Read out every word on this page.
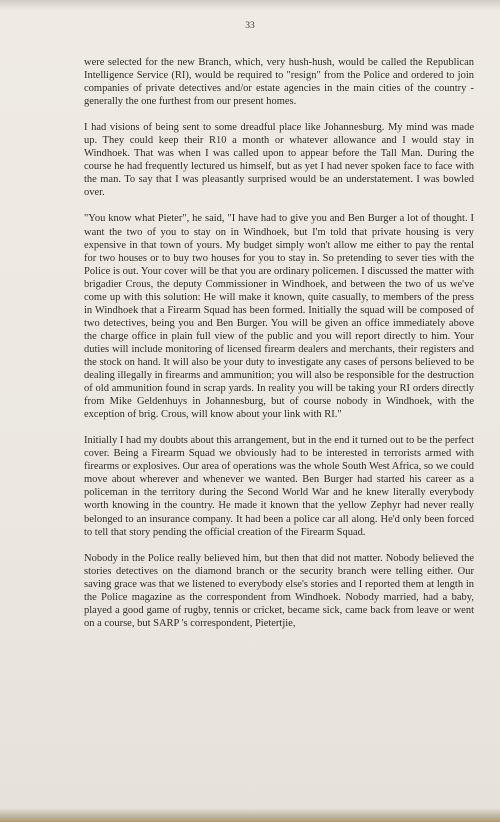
33

were selected for the new Branch, which, very hush-hush, would be called the Republican Intelligence Service (RI), would be required to "resign" from the Police and ordered to join companies of private detectives and/or estate agencies in the main cities of the country - generally the one furthest from our present homes.

I had visions of being sent to some dreadful place like Johannesburg. My mind was made up. They could keep their R10 a month or whatever allowance and I would stay in Windhoek. That was when I was called upon to appear before the Tall Man. During the course he had frequently lectured us himself, but as yet I had never spoken face to face with the man. To say that I was pleasantly surprised would be an understatement. I was bowled over.

"You know what Pieter", he said, "I have had to give you and Ben Burger a lot of thought. I want the two of you to stay on in Windhoek, but I'm told that private housing is very expensive in that town of yours. My budget simply won't allow me either to pay the rental for two houses or to buy two houses for you to stay in. So pretending to sever ties with the Police is out. Your cover will be that you are ordinary policemen. I discussed the matter with brigadier Crous, the deputy Commissioner in Windhoek, and between the two of us we've come up with this solution: He will make it known, quite casually, to members of the press in Windhoek that a Firearm Squad has been formed. Initially the squad will be composed of two detectives, being you and Ben Burger. You will be given an office immediately above the charge office in plain full view of the public and you will report directly to him. Your duties will include monitoring of licensed firearm dealers and merchants, their registers and the stock on hand. It will also be your duty to investigate any cases of persons believed to be dealing illegally in firearms and ammunition; you will also be responsible for the destruction of old ammunition found in scrap yards. In reality you will be taking your RI orders directly from Mike Geldenhuys in Johannesburg, but of course nobody in Windhoek, with the exception of brig. Crous, will know about your link with RI."

Initially I had my doubts about this arrangement, but in the end it turned out to be the perfect cover. Being a Firearm Squad we obviously had to be interested in terrorists armed with firearms or explosives. Our area of operations was the whole South West Africa, so we could move about wherever and whenever we wanted. Ben Burger had started his career as a policeman in the territory during the Second World War and he knew literally everybody worth knowing in the country. He made it known that the yellow Zephyr had never really belonged to an insurance company. It had been a police car all along. He'd only been forced to tell that story pending the official creation of the Firearm Squad.

Nobody in the Police really believed him, but then that did not matter. Nobody believed the stories detectives on the diamond branch or the security branch were telling either. Our saving grace was that we listened to everybody else's stories and I reported them at length in the Police magazine as the correspondent from Windhoek. Nobody married, had a baby, played a good game of rugby, tennis or cricket, became sick, came back from leave or went on a course, but SARP 's correspondent, Pietertjie,
